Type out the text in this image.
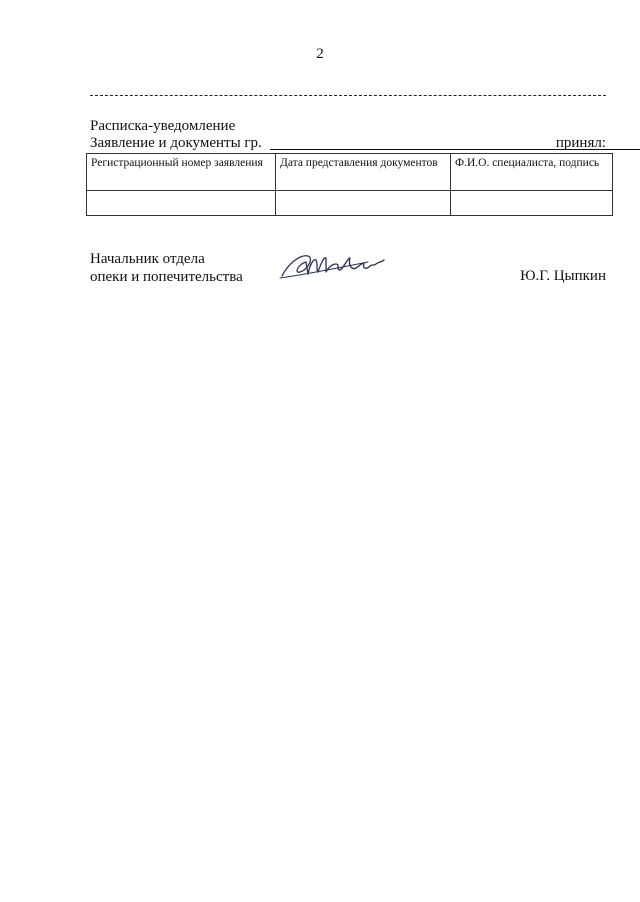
2
Расписка-уведомление
Заявление и документы гр.	принял:
Регистрационный номер заявления	Дата представления документов	Ф.И.О. специалиста, подпись

Начальник отдела
опеки и попечительства	Ю.Г. Цыпкин
